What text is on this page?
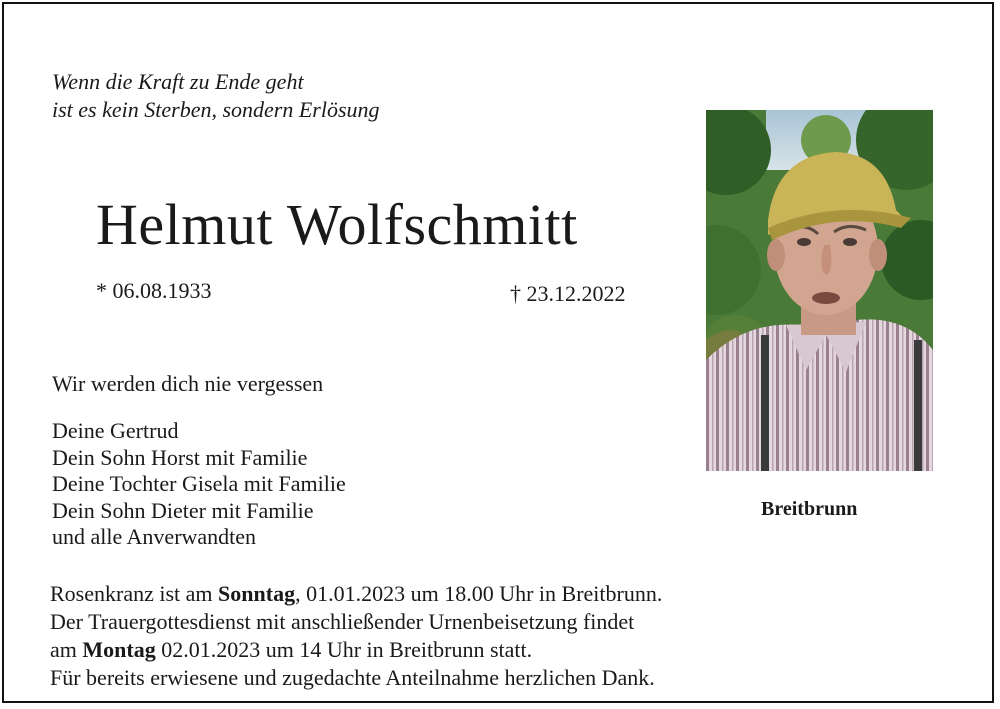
Wenn die Kraft zu Ende geht
ist es kein Sterben, sondern Erlösung
Helmut Wolfschmitt
* 06.08.1933	† 23.12.2022
Breitbrunn
Wir werden dich nie vergessen
Deine Gertrud
Dein Sohn Horst mit Familie
Deine Tochter Gisela mit Familie
Dein Sohn Dieter mit Familie
und alle Anverwandten
Rosenkranz ist am Sonntag, 01.01.2023 um 18.00 Uhr in Breitbrunn.
Der Trauergottesdienst mit anschließender Urnenbeisetzung findet
am Montag 02.01.2023 um 14 Uhr in Breitbrunn statt.
Für bereits erwiesene und zugedachte Anteilnahme herzlichen Dank.
